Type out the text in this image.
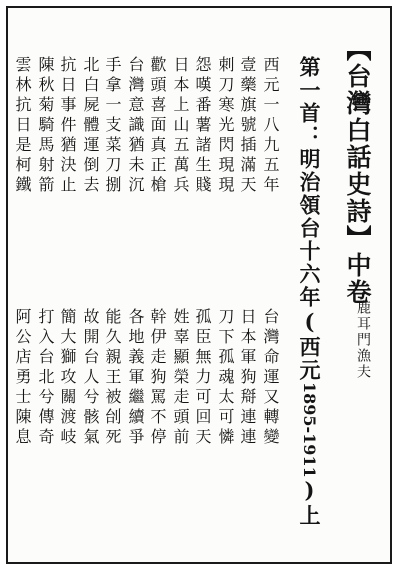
【台灣白話史詩】中卷
鹿耳門漁夫
第一首：明治領台十六年(西元1895-1911)上
西元一八九五年
台灣命運又轉變
壹藥旗號插滿天
日本軍狗搿連連
刺刀寒光閃現現
刀下孤魂太可憐
怨嘆番薯諸生賤
孤臣無力可回天
日本上山五萬兵
姓辜顯榮走頭前
歡頭喜面真正槍
幹伊走狗罵不停
台灣意識猶未沉
各地義軍繼續爭
手拿一支菜刀捌
能久親王被刣死
北白屍體運倒去
故開台人兮骸氣
抗日事件猶決止
簡大獅攻關渡岐
陳秋菊騎馬射箭
打入台北兮傳奇
雲林抗日是柯鐵
阿公店勇士陳息
